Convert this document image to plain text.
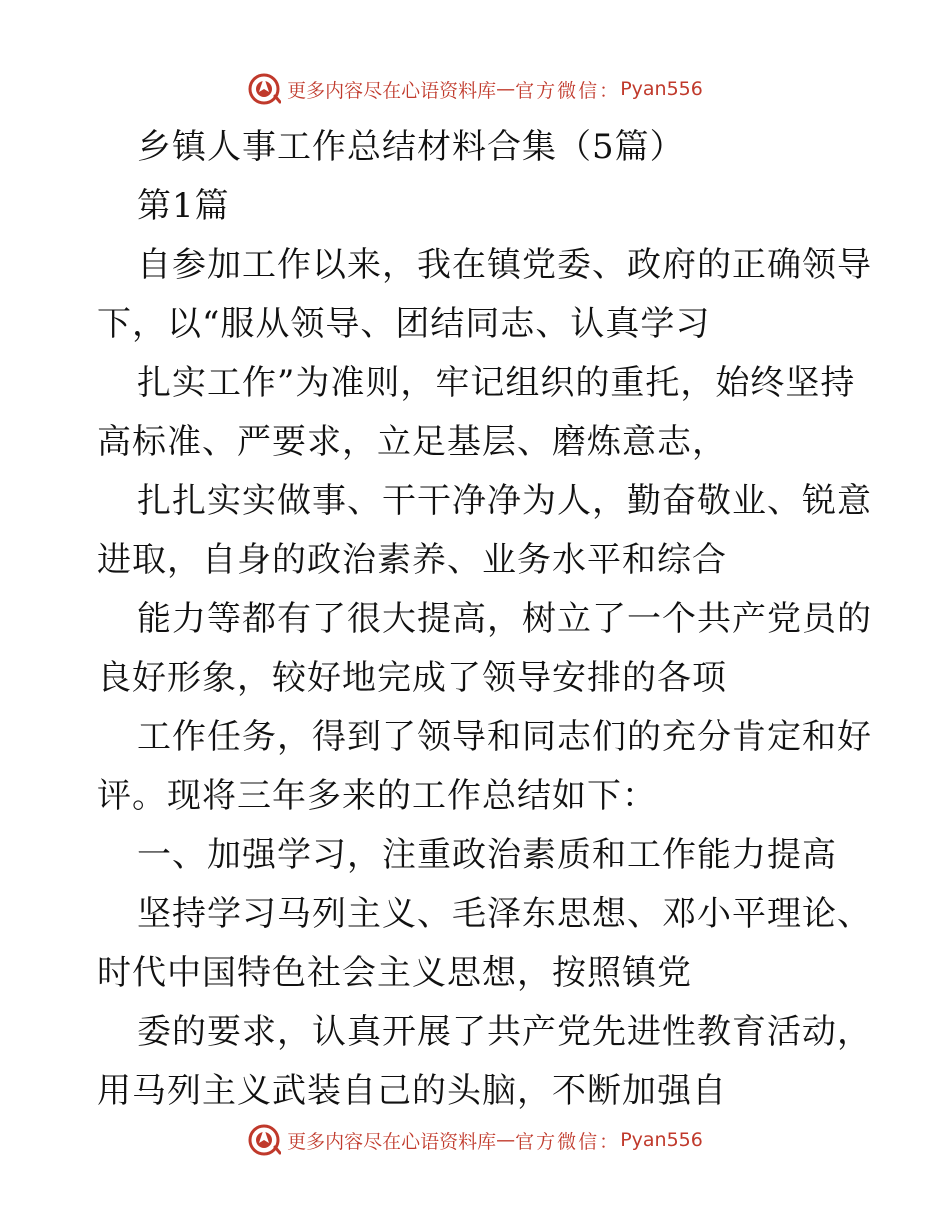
更多内容尽在心语资料库 — 官方微信： Pyan556
乡镇人事工作总结材料合集（5篇）
第1篇
自参加工作以来，我在镇党委、政府的正确领导
下，以“服从领导、团结同志、认真学习
扎实工作”为准则，牢记组织的重托，始终坚持
高标准、严要求，立足基层、磨炼意志，
扎扎实实做事、干干净净为人，勤奋敬业、锐意
进取，自身的政治素养、业务水平和综合
能力等都有了很大提高，树立了一个共产党员的
良好形象，较好地完成了领导安排的各项
工作任务，得到了领导和同志们的充分肯定和好
评。现将三年多来的工作总结如下：
一、加强学习，注重政治素质和工作能力提高
坚持学习马列主义、毛泽东思想、邓小平理论、
时代中国特色社会主义思想，按照镇党
委的要求，认真开展了共产党先进性教育活动，
用马列主义武装自己的头脑，不断加强自
更多内容尽在心语资料库 — 官方微信： Pyan556
